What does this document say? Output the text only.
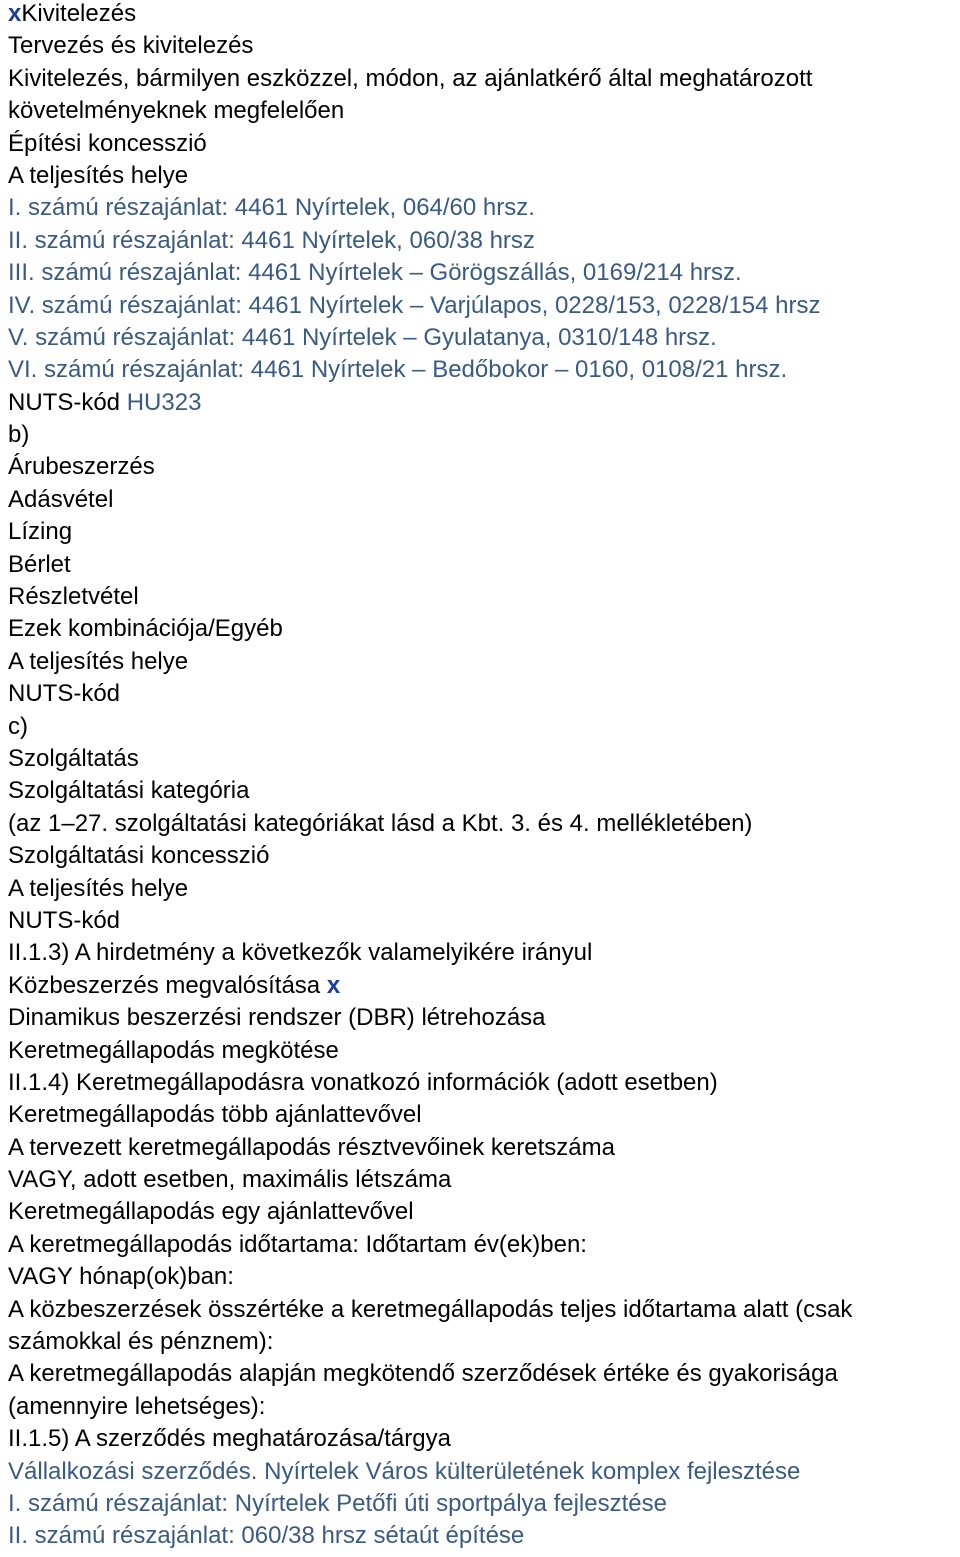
xKivitelezés
Tervezés és kivitelezés
Kivitelezés, bármilyen eszközzel, módon, az ajánlatkérő által meghatározott
követelményeknek megfelelően
Építési koncesszió
A teljesítés helye
I. számú részajánlat: 4461 Nyírtelek, 064/60 hrsz.
II. számú részajánlat: 4461 Nyírtelek, 060/38 hrsz
III. számú részajánlat: 4461 Nyírtelek – Görögszállás, 0169/214 hrsz.
IV. számú részajánlat: 4461 Nyírtelek – Varjúlapos, 0228/153, 0228/154 hrsz
V. számú részajánlat: 4461 Nyírtelek – Gyulatanya, 0310/148 hrsz.
VI. számú részajánlat: 4461 Nyírtelek – Bedőbokor – 0160, 0108/21 hrsz.
NUTS-kód HU323
b)
Árubeszerzés
Adásvétel
Lízing
Bérlet
Részletvétel
Ezek kombinációja/Egyéb
A teljesítés helye
NUTS-kód
c)
Szolgáltatás
Szolgáltatási kategória
(az 1–27. szolgáltatási kategóriákat lásd a Kbt. 3. és 4. mellékletében)
Szolgáltatási koncesszió
A teljesítés helye
NUTS-kód
II.1.3) A hirdetmény a következők valamelyikére irányul
Közbeszerzés megvalósítása x
Dinamikus beszerzési rendszer (DBR) létrehozása
Keretmegállapodás megkötése
II.1.4) Keretmegállapodásra vonatkozó információk (adott esetben)
Keretmegállapodás több ajánlattevővel
A tervezett keretmegállapodás résztvevőinek keretszáma
VAGY, adott esetben, maximális létszáma
Keretmegállapodás egy ajánlattevővel
A keretmegállapodás időtartama: Időtartam év(ek)ben:
VAGY hónap(ok)ban:
A közbeszerzések összértéke a keretmegállapodás teljes időtartama alatt (csak
számokkal és pénznem):
A keretmegállapodás alapján megkötendő szerződések értéke és gyakorisága
(amennyire lehetséges):
II.1.5) A szerződés meghatározása/tárgya
Vállalkozási szerződés. Nyírtelek Város külterületének komplex fejlesztése
I. számú részajánlat: Nyírtelek Petőfi úti sportpálya fejlesztése
II. számú részajánlat: 060/38 hrsz sétaút építése
